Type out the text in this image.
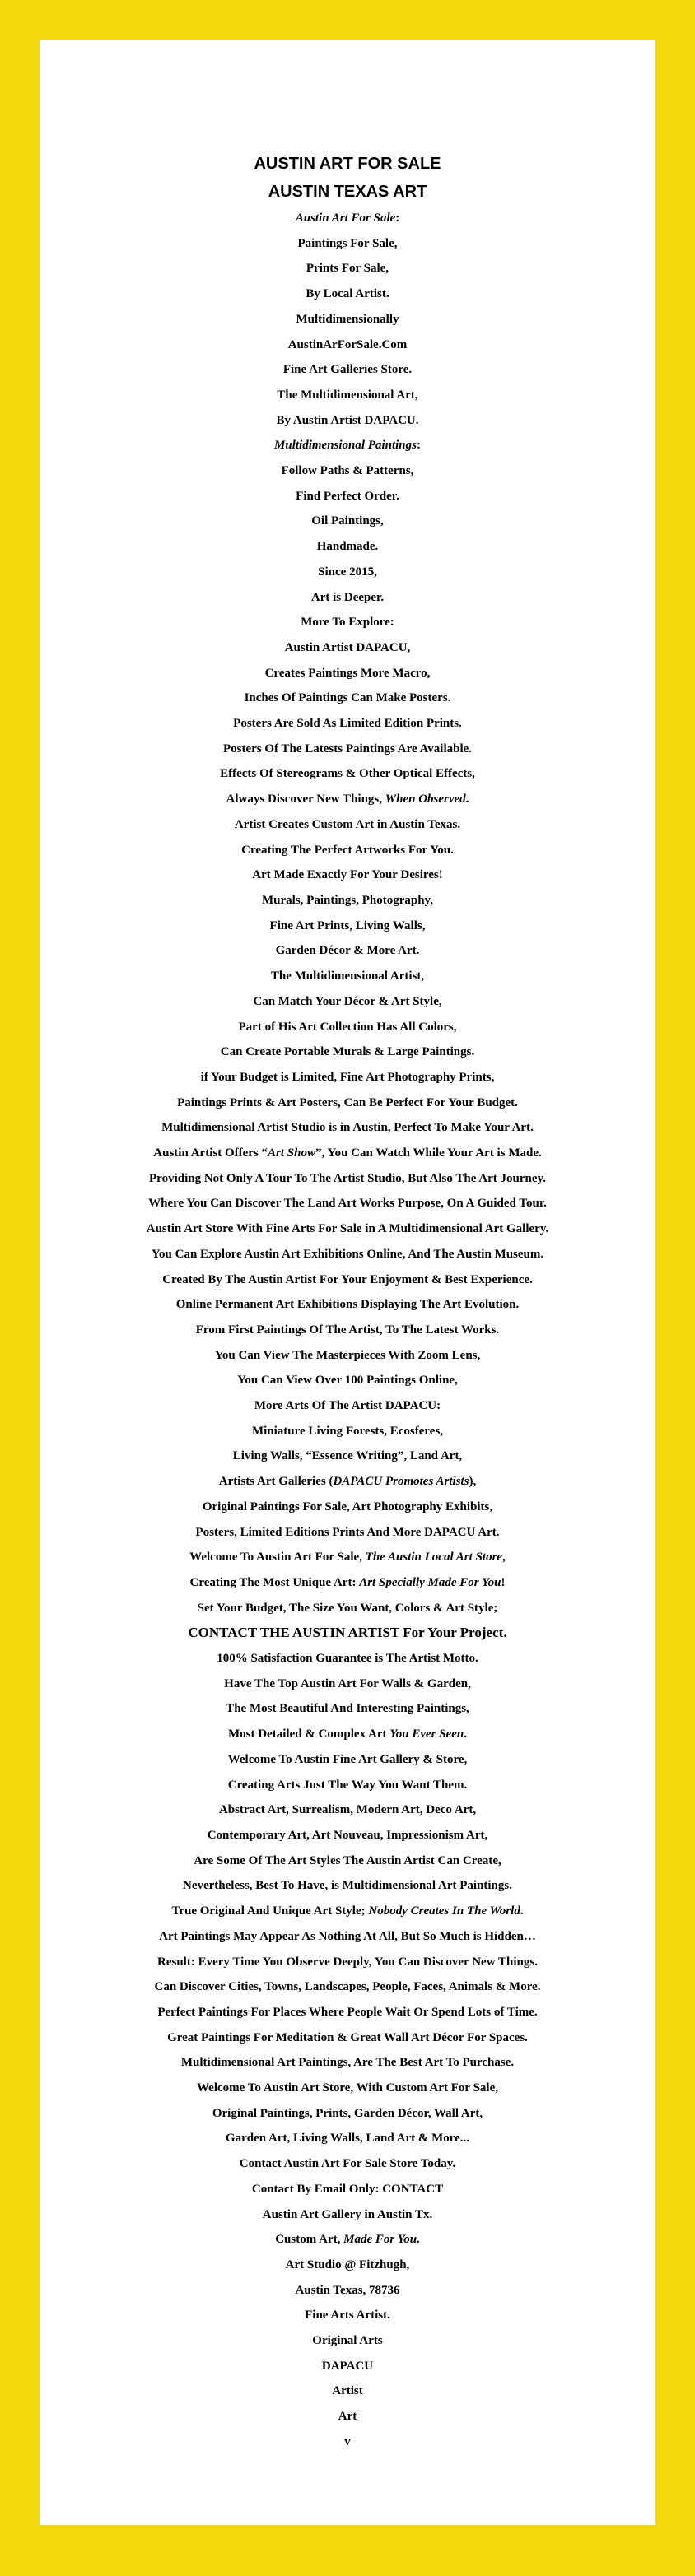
AUSTIN ART FOR SALE

AUSTIN TEXAS ART

Austin Art For Sale:

Paintings For Sale,

Prints For Sale,

By Local Artist.

Multidimensionally

AustinArForSale.Com

Fine Art Galleries Store.

The Multidimensional Art,

By Austin Artist DAPACU.

Multidimensional Paintings:

Follow Paths & Patterns,

Find Perfect Order.

Oil Paintings,

Handmade.

Since 2015,

Art is Deeper.

More To Explore:

Austin Artist DAPACU,

Creates Paintings More Macro,

Inches Of Paintings Can Make Posters.

Posters Are Sold As Limited Edition Prints.

Posters Of The Latests Paintings Are Available.

Effects Of Stereograms & Other Optical Effects,

Always Discover New Things, When Observed.

Artist Creates Custom Art in Austin Texas.

Creating The Perfect Artworks For You.

Art Made Exactly For Your Desires!

Murals, Paintings, Photography,

Fine Art Prints, Living Walls,

Garden Décor & More Art.

The Multidimensional Artist,

Can Match Your Décor & Art Style,

Part of His Art Collection Has All Colors,

Can Create Portable Murals & Large Paintings.

if Your Budget is Limited, Fine Art Photography Prints,

Paintings Prints & Art Posters, Can Be Perfect For Your Budget.

Multidimensional Artist Studio is in Austin, Perfect To Make Your Art.

Austin Artist Offers “Art Show”, You Can Watch While Your Art is Made.

Providing Not Only A Tour To The Artist Studio, But Also The Art Journey.

Where You Can Discover The Land Art Works Purpose, On A Guided Tour.

Austin Art Store With Fine Arts For Sale in A Multidimensional Art Gallery.

You Can Explore Austin Art Exhibitions Online, And The Austin Museum.

Created By The Austin Artist For Your Enjoyment & Best Experience.

Online Permanent Art Exhibitions Displaying The Art Evolution.

From First Paintings Of The Artist, To The Latest Works.

You Can View The Masterpieces With Zoom Lens,

You Can View Over 100 Paintings Online,

More Arts Of The Artist DAPACU:

Miniature Living Forests, Ecosferes,

Living Walls, “Essence Writing”, Land Art,

Artists Art Galleries (DAPACU Promotes Artists),

Original Paintings For Sale, Art Photography Exhibits,

Posters, Limited Editions Prints And More DAPACU Art.

Welcome To Austin Art For Sale, The Austin Local Art Store,

Creating The Most Unique Art: Art Specially Made For You!

Set Your Budget, The Size You Want, Colors & Art Style;

CONTACT THE AUSTIN ARTIST For Your Project.

100% Satisfaction Guarantee is The Artist Motto.

Have The Top Austin Art For Walls & Garden,

The Most Beautiful And Interesting Paintings,

Most Detailed & Complex Art You Ever Seen.

Welcome To Austin Fine Art Gallery & Store,

Creating Arts Just The Way You Want Them.

Abstract Art, Surrealism, Modern Art, Deco Art,

Contemporary Art, Art Nouveau, Impressionism Art,

Are Some Of The Art Styles The Austin Artist Can Create,

Nevertheless, Best To Have, is Multidimensional Art Paintings.

True Original And Unique Art Style; Nobody Creates In The World.

Art Paintings May Appear As Nothing At All, But So Much is Hidden…

Result: Every Time You Observe Deeply, You Can Discover New Things.

Can Discover Cities, Towns, Landscapes, People, Faces, Animals & More.

Perfect Paintings For Places Where People Wait Or Spend Lots of Time.

Great Paintings For Meditation & Great Wall Art Décor For Spaces.

Multidimensional Art Paintings, Are The Best Art To Purchase.

Welcome To Austin Art Store, With Custom Art For Sale,

Original Paintings, Prints, Garden Décor, Wall Art,

Garden Art, Living Walls, Land Art & More...

Contact Austin Art For Sale Store Today.

Contact By Email Only: CONTACT

Austin Art Gallery in Austin Tx.

Custom Art, Made For You.

Art Studio @ Fitzhugh,

Austin Texas, 78736

Fine Arts Artist.

Original Arts

DAPACU

Artist

Art

v
